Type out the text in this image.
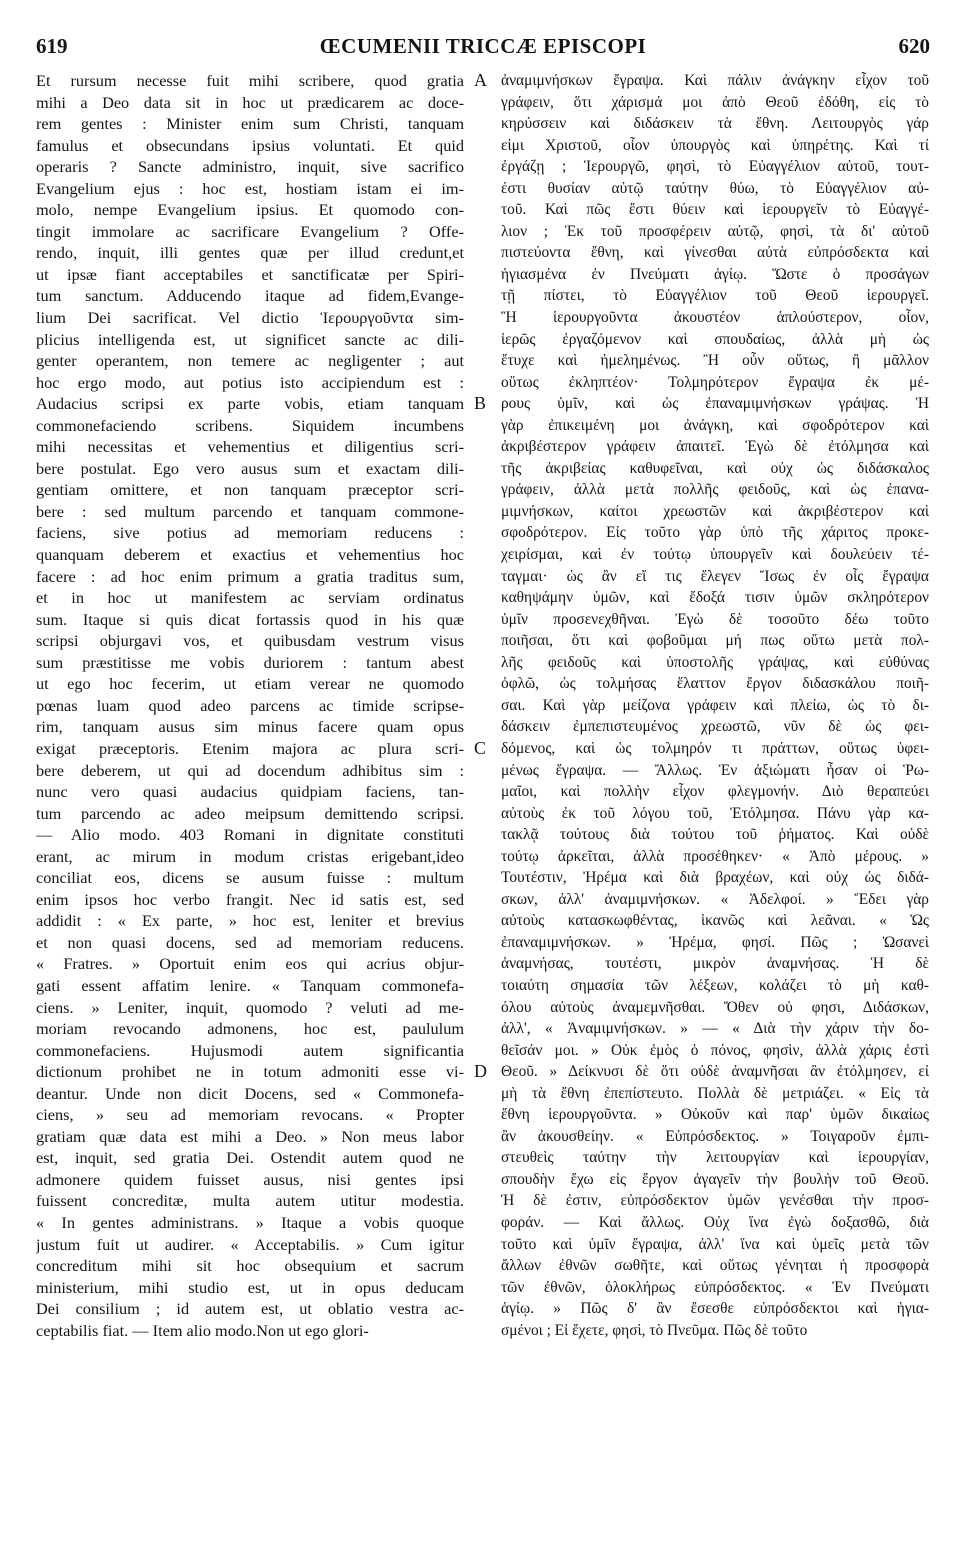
619	ŒCUMENII TRICCÆ EPISCOPI	620
Et rursum necesse fuit mihi scribere, quod gratia
mihi a Deo data sit in hoc ut prædicarem ac doce-
rem gentes : Minister enim sum Christi, tanquam
famulus et obsecundans ipsius voluntati. Et quid
operaris ? Sancte administro, inquit, sive sacrifico
Evangelium ejus : hoc est, hostiam istam ei im-
molo, nempe Evangelium ipsius. Et quomodo con-
tingit immolare ac sacrificare Evangelium ? Offe-
rendo, inquit, illi gentes quæ per illud credunt,et
ut ipsæ fiant acceptabiles et sanctificatæ per Spiri-
tum sanctum. Adducendo itaque ad fidem,Evange-
lium Dei sacrificat. Vel dictio Ἱερουργοῦντα sim-
plicius intelligenda est, ut significet sancte ac dili-
genter operantem, non temere ac negligenter ; aut
hoc ergo modo, aut potius isto accipiendum est :
Audacius scripsi ex parte vobis, etiam tanquam
commonefaciendo scribens. Siquidem incumbens
mihi necessitas et vehementius et diligentius scri-
bere postulat. Ego vero ausus sum et exactam dili-
gentiam omittere, et non tanquam præceptor scri-
bere : sed multum parcendo et tanquam commone-
faciens, sive potius ad memoriam reducens :
quanquam deberem et exactius et vehementius hoc
facere : ad hoc enim primum a gratia traditus sum,
et in hoc ut manifestem ac serviam ordinatus
sum. Itaque si quis dicat fortassis quod in his quæ
scripsi objurgavi vos, et quibusdam vestrum visus
sum præstitisse me vobis duriorem : tantum abest
ut ego hoc fecerim, ut etiam verear ne quomodo
pœnas luam quod adeo parcens ac timide scripse-
rim, tanquam ausus sim minus facere quam opus
exigat præceptoris. Etenim majora ac plura scri-
bere deberem, ut qui ad docendum adhibitus sim :
nunc vero quasi audacius quidpiam faciens, tan-
tum parcendo ac adeo meipsum demittendo scripsi.
— Alio modo. 403 Romani in dignitate constituti
erant, ac mirum in modum cristas erigebant,ideo
conciliat eos, dicens se ausum fuisse : multum
enim ipsos hoc verbo frangit. Nec id satis est, sed
addidit : « Ex parte, » hoc est, leniter et brevius
et non quasi docens, sed ad memoriam reducens.
« Fratres. » Oportuit enim eos qui acrius objur-
gati essent affatim lenire. « Tanquam commonefa-
ciens. » Leniter, inquit, quomodo ? veluti ad me-
moriam revocando admonens, hoc est, paululum
commonefaciens. Hujusmodi autem significantia
dictionum prohibet ne in totum admoniti esse vi-
deantur. Unde non dicit Docens, sed « Commonefa-
ciens, » seu ad memoriam revocans. « Propter
gratiam quæ data est mihi a Deo. » Non meus labor
est, inquit, sed gratia Dei. Ostendit autem quod ne
admonere quidem fuisset ausus, nisi gentes ipsi
fuissent concreditæ, multa autem utitur modestia.
« In gentes administrans. » Itaque a vobis quoque
justum fuit ut audirer. « Acceptabilis. » Cum igitur
concreditum mihi sit hoc obsequium et sacrum
ministerium, mihi studio est, ut in opus deducam
Dei consilium ; id autem est, ut oblatio vestra ac-
ceptabilis fiat. — Item alio modo.Non ut ego glori-
A
B
C
D
ἀναμιμνήσκων ἔγραψα. Καὶ πάλιν ἀνάγκην εἶχον τοῦ
γράφειν, ὅτι χάρισμά μοι ἀπὸ Θεοῦ ἐδόθη, εἰς τὸ
κηρύσσειν καὶ διδάσκειν τὰ ἔθνη. Λειτουργὸς γάρ
εἰμι Χριστοῦ, οἷον ὑπουργὸς καὶ ὑπηρέτης. Καὶ τί
ἐργάζῃ ; Ἱερουργῶ, φησὶ, τὸ Εὐαγγέλιον αὐτοῦ, τουτ-
έστι θυσίαν αὐτῷ ταύτην θύω, τὸ Εὐαγγέλιον αὐ-
τοῦ. Καὶ πῶς ἔστι θύειν καὶ ἱερουργεῖν τὸ Εὐαγγέ-
λιον ; Ἐκ τοῦ προσφέρειν αὐτῷ, φησὶ, τὰ δι' αὐτοῦ
πιστεύοντα ἔθνη, καὶ γίνεσθαι αὐτὰ εὐπρόσδεκτα καὶ
ἡγιασμένα ἐν Πνεύματι ἁγίῳ. Ὥστε ὁ προσάγων
τῇ πίστει, τὸ Εὐαγγέλιον τοῦ Θεοῦ ἱερουργεῖ.
Ἢ ἱερουργοῦντα ἀκουστέον ἁπλούστερον, οἷον,
ἱερῶς ἐργαζόμενον καὶ σπουδαίως, ἀλλὰ μὴ ὡς
ἔτυχε καὶ ἠμελημένως. Ἢ οὖν οὕτως, ἢ μᾶλλον
οὕτως ἐκληπτέον· Τολμηρότερον ἔγραψα ἐκ μέ-
ρους ὑμῖν, καὶ ὡς ἐπαναμιμνήσκων γράψας. Ἡ
γὰρ ἐπικειμένη μοι ἀνάγκη, καὶ σφοδρότερον καὶ
ἀκριβέστερον γράφειν ἀπαιτεῖ. Ἐγὼ δὲ ἐτόλμησα καὶ
τῆς ἀκριβείας καθυφεῖναι, καὶ οὐχ ὡς διδάσκαλος
γράφειν, ἀλλὰ μετὰ πολλῆς φειδοῦς, καὶ ὡς ἐπανα-
μιμνήσκων, καίτοι χρεωστῶν καὶ ἀκριβέστερον καὶ
σφοδρότερον. Εἰς τοῦτο γὰρ ὑπὸ τῆς χάριτος προκε-
χειρίσμαι, καὶ ἐν τούτῳ ὑπουργεῖν καὶ δουλεύειν τέ-
ταγμαι· ὡς ἂν εἴ τις ἔλεγεν Ἴσως ἐν οἷς ἔγραψα
καθηψάμην ὑμῶν, καὶ ἔδοξά τισιν ὑμῶν σκληρότερον
ὑμῖν προσενεχθῆναι. Ἐγὼ δὲ τοσοῦτο δέω τοῦτο
ποιῆσαι, ὅτι καὶ φοβοῦμαι μή πως οὕτω μετὰ πολ-
λῆς φειδοῦς καὶ ὑποστολῆς γράψας, καὶ εὐθύνας
ὀφλῶ, ὡς τολμήσας ἔλαττον ἔργον διδασκάλου ποιῆ-
σαι. Καὶ γὰρ μείζονα γράφειν καὶ πλείω, ὡς τὸ δι-
δάσκειν ἐμπεπιστευμένος χρεωστῶ, νῦν δὲ ὡς φει-
δόμενος, καὶ ὡς τολμηρόν τι πράττων, οὕτως ὑφει-
μένως ἔγραψα. — Ἄλλως. Ἐν ἀξιώματι ἦσαν οἱ Ῥω-
μαῖοι, καὶ πολλὴν εἶχον φλεγμονήν. Διὸ θεραπεύει
αὐτοὺς ἐκ τοῦ λόγου τοῦ, Ἐτόλμησα. Πάνυ γὰρ κα-
τακλᾷ τούτους διὰ τούτου τοῦ ῥήματος. Καὶ οὐδὲ
τούτῳ ἀρκεῖται, ἀλλὰ προσέθηκεν· « Ἀπὸ μέρους. »
Τουτέστιν, Ἠρέμα καὶ διὰ βραχέων, καὶ οὐχ ὡς διδά-
σκων, ἀλλ' ἀναμιμνήσκων. « Ἀδελφοί. » Ἔδει γὰρ
αὐτοὺς κατασκωφθέντας, ἱκανῶς καὶ λεᾶναι. « Ὡς
ἐπαναμιμνήσκων. » Ἠρέμα, φησί. Πῶς ; Ὡσανεὶ
ἀναμνήσας, τουτέστι, μικρὸν ἀναμνήσας. Ἡ δὲ
τοιαύτη σημασία τῶν λέξεων, κολάζει τὸ μὴ καθ-
όλου αὐτοὺς ἀναμεμνῆσθαι. Ὅθεν οὐ φησι, Διδάσκων,
ἀλλ', « Ἀναμιμνήσκων. » — « Διὰ τὴν χάριν τὴν δο-
θεῖσάν μοι. » Οὐκ ἐμὸς ὁ πόνος, φησὶν, ἀλλὰ χάρις ἐστὶ
Θεοῦ. » Δείκνυσι δὲ ὅτι οὐδὲ ἀναμνῆσαι ἂν ἐτόλμησεν, εἰ
μὴ τὰ ἔθνη ἐπεπίστευτο. Πολλὰ δὲ μετριάζει. « Εἰς τὰ
ἔθνη ἱερουργοῦντα. » Οὐκοῦν καὶ παρ' ὑμῶν δικαίως
ἂν ἀκουσθείην. « Εὐπρόσδεκτος. » Τοιγαροῦν ἐμπι-
στευθεὶς ταύτην τὴν λειτουργίαν καὶ ἱερουργίαν,
σπουδὴν ἔχω εἰς ἔργον ἀγαγεῖν τὴν βουλὴν τοῦ Θεοῦ.
Ἡ δὲ ἐστιν, εὐπρόσδεκτον ὑμῶν γενέσθαι τὴν προσ-
φοράν. — Καὶ ἄλλως. Οὐχ ἵνα ἐγὼ δοξασθῶ, διὰ
τοῦτο καὶ ὑμῖν ἔγραψα, ἀλλ' ἵνα καὶ ὑμεῖς μετὰ τῶν
ἄλλων ἐθνῶν σωθῆτε, καὶ οὕτως γένηται ἡ προσφορὰ
τῶν ἐθνῶν, ὁλοκλήρως εὐπρόσδεκτος. « Ἐν Πνεύματι
ἁγίῳ. » Πῶς δ' ἂν ἔσεσθε εὐπρόσδεκτοι καὶ ἡγια-
σμένοι ; Εἰ ἔχετε, φησὶ, τὸ Πνεῦμα. Πῶς δὲ τοῦτο
